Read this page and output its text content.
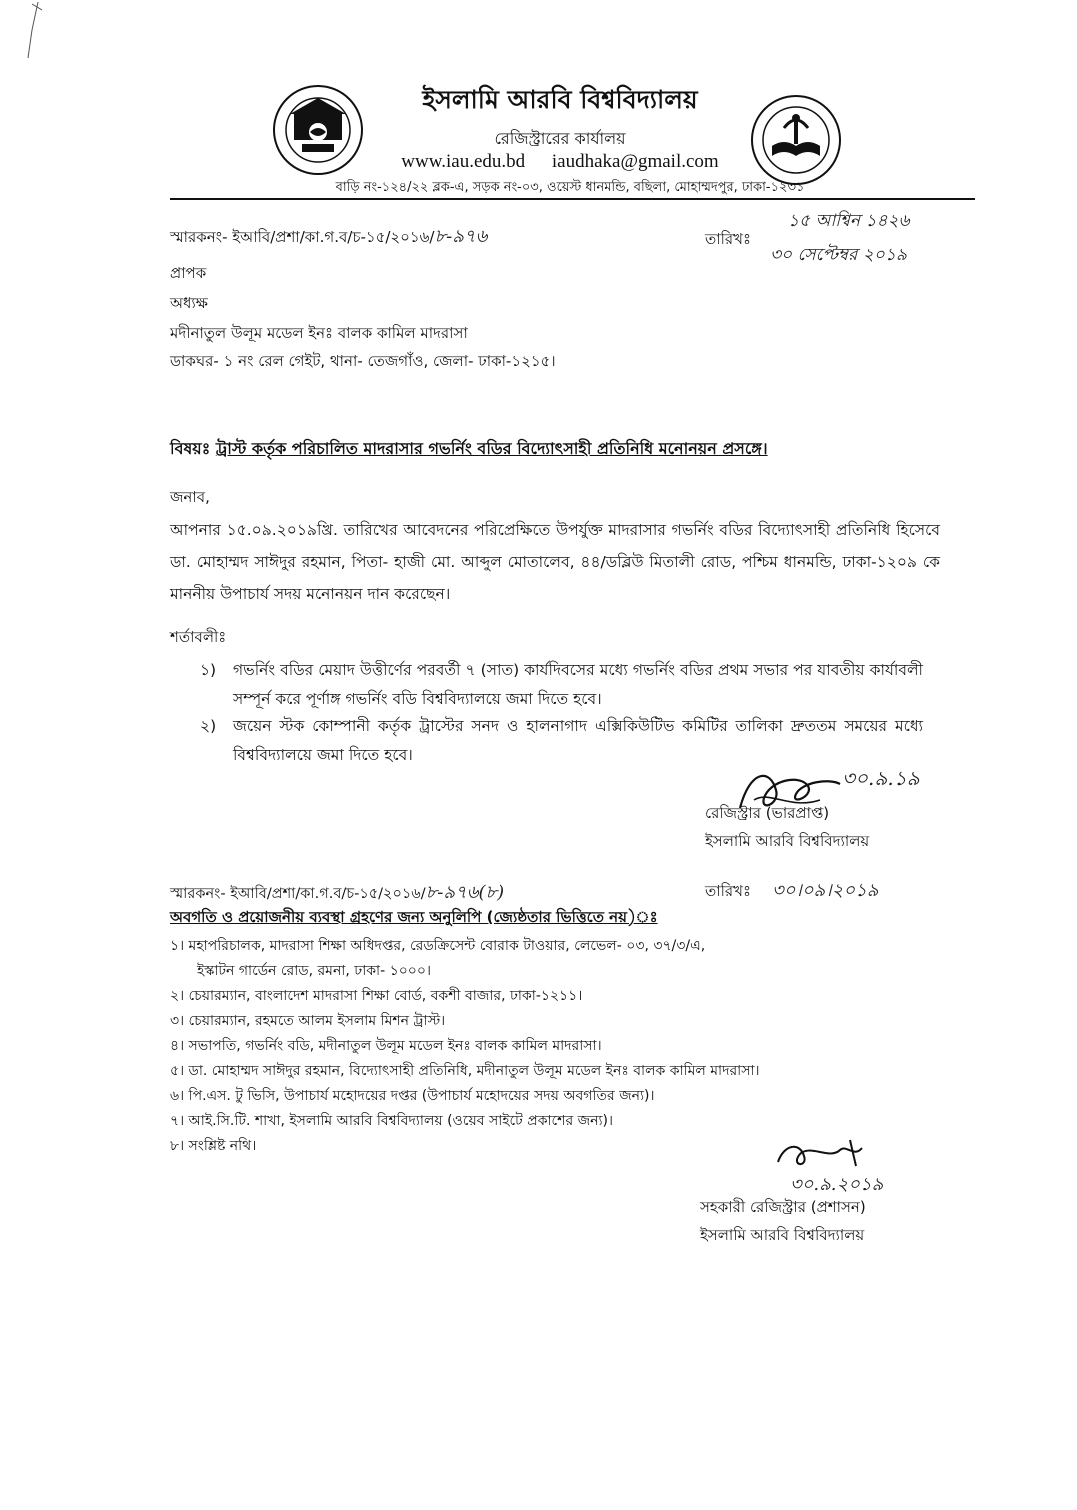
ইসলামি আরবি বিশ্ববিদ্যালয়
রেজিস্ট্রারের কার্যালয়
www.iau.edu.bd iaudhaka@gmail.com
বাড়ি নং-১২৪/২২ ব্লক-এ, সড়ক নং-০৩, ওয়েস্ট ধানমন্ডি, বছিলা, মোহাম্মদপুর, ঢাকা-১২৩১
স্মারকনং- ইআবি/প্রশা/কা.গ.ব/চ-১৫/২০১৬/৮-৯৭৬	তারিখঃ
১৫ আশ্বিন ১৪২৬
৩০ সেপ্টেম্বর ২০১৯
প্রাপক
অধ্যক্ষ
মদীনাতুল উলূম মডেল ইনঃ বালক কামিল মাদরাসা
ডাকঘর- ১ নং রেল গেইট, থানা- তেজগাঁও, জেলা- ঢাকা-১২১৫।
বিষয়ঃ ট্রাস্ট কর্তৃক পরিচালিত মাদরাসার গভর্নিং বডির বিদ্যোৎসাহী প্রতিনিধি মনোনয়ন প্রসঙ্গে।
জনাব,
আপনার ১৫.০৯.২০১৯খ্রি. তারিখের আবেদনের পরিপ্রেক্ষিতে উপর্যুক্ত মাদরাসার গভর্নিং বডির বিদ্যোৎসাহী প্রতিনিধি হিসেবে ডা. মোহাম্মদ সাঈদুর রহমান, পিতা- হাজী মো. আব্দুল মোতালেব, ৪৪/ডব্লিউ মিতালী রোড, পশ্চিম ধানমন্ডি, ঢাকা-১২০৯ কে মাননীয় উপাচার্য সদয় মনোনয়ন দান করেছেন।
শর্তাবলীঃ
১) গভর্নিং বডির মেয়াদ উত্তীর্ণের পরবর্তী ৭ (সাত) কার্যদিবসের মধ্যে গভর্নিং বডির প্রথম সভার পর যাবতীয় কার্যাবলী সম্পূর্ন করে পূর্ণাঙ্গ গভর্নিং বডি বিশ্ববিদ্যালয়ে জমা দিতে হবে।
২) জয়েন স্টক কোম্পানী কর্তৃক ট্রাস্টের সনদ ও হালনাগাদ এক্সিকিউটিভ কমিটির তালিকা দ্রুততম সময়ের মধ্যে বিশ্ববিদ্যালয়ে জমা দিতে হবে।
৩০.৯.১৯
রেজিস্ট্রার (ভারপ্রাপ্ত)
ইসলামি আরবি বিশ্ববিদ্যালয়
স্মারকনং- ইআবি/প্রশা/কা.গ.ব/চ-১৫/২০১৬/৮-৯৭৬(৮)	তারিখঃ ৩০।০৯।২০১৯
অবগতি ও প্রয়োজনীয় ব্যবস্থা গ্রহণের জন্য অনুলিপি (জ্যেষ্ঠতার ভিত্তিতে নয়)ঃ
১। মহাপরিচালক, মাদরাসা শিক্ষা অধিদপ্তর, রেডক্রিসেন্ট বোরাক টাওয়ার, লেভেল- ০৩, ৩৭/৩/এ,
ইস্কাটন গার্ডেন রোড, রমনা, ঢাকা- ১০০০।
২। চেয়ারম্যান, বাংলাদেশ মাদরাসা শিক্ষা বোর্ড, বকশী বাজার, ঢাকা-১২১১।
৩। চেয়ারম্যান, রহমতে আলম ইসলাম মিশন ট্রাস্ট।
৪। সভাপতি, গভর্নিং বডি, মদীনাতুল উলূম মডেল ইনঃ বালক কামিল মাদরাসা।
৫। ডা. মোহাম্মদ সাঈদুর রহমান, বিদ্যোৎসাহী প্রতিনিধি, মদীনাতুল উলূম মডেল ইনঃ বালক কামিল মাদরাসা।
৬। পি.এস. টু ভিসি, উপাচার্য মহোদয়ের দপ্তর (উপাচার্য মহোদয়ের সদয় অবগতির জন্য)।
৭। আই.সি.টি. শাখা, ইসলামি আরবি বিশ্ববিদ্যালয় (ওয়েব সাইটে প্রকাশের জন্য)।
৮। সংশ্লিষ্ট নথি।
৩০.৯.২০১৯
সহকারী রেজিস্ট্রার (প্রশাসন)
ইসলামি আরবি বিশ্ববিদ্যালয়
